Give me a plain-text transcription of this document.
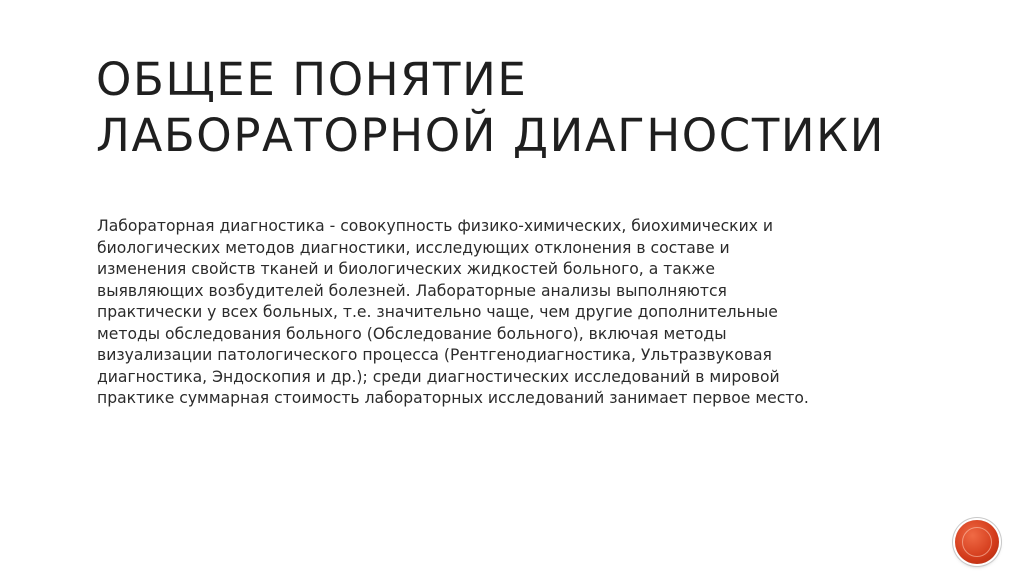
ОБЩЕЕ ПОНЯТИЕ
ЛАБОРАТОРНОЙ ДИАГНОСТИКИ
Лабораторная диагностика - совокупность физико-химических, биохимических и
биологических методов диагностики, исследующих отклонения в составе и
изменения свойств тканей и биологических жидкостей больного, а также
выявляющих возбудителей болезней. Лабораторные анализы выполняются
практически у всех больных, т.е. значительно чаще, чем другие дополнительные
методы обследования больного (Обследование больного), включая методы
визуализации патологического процесса (Рентгенодиагностика, Ультразвуковая
диагностика, Эндоскопия и др.); среди диагностических исследований в мировой
практике суммарная стоимость лабораторных исследований занимает первое место.
